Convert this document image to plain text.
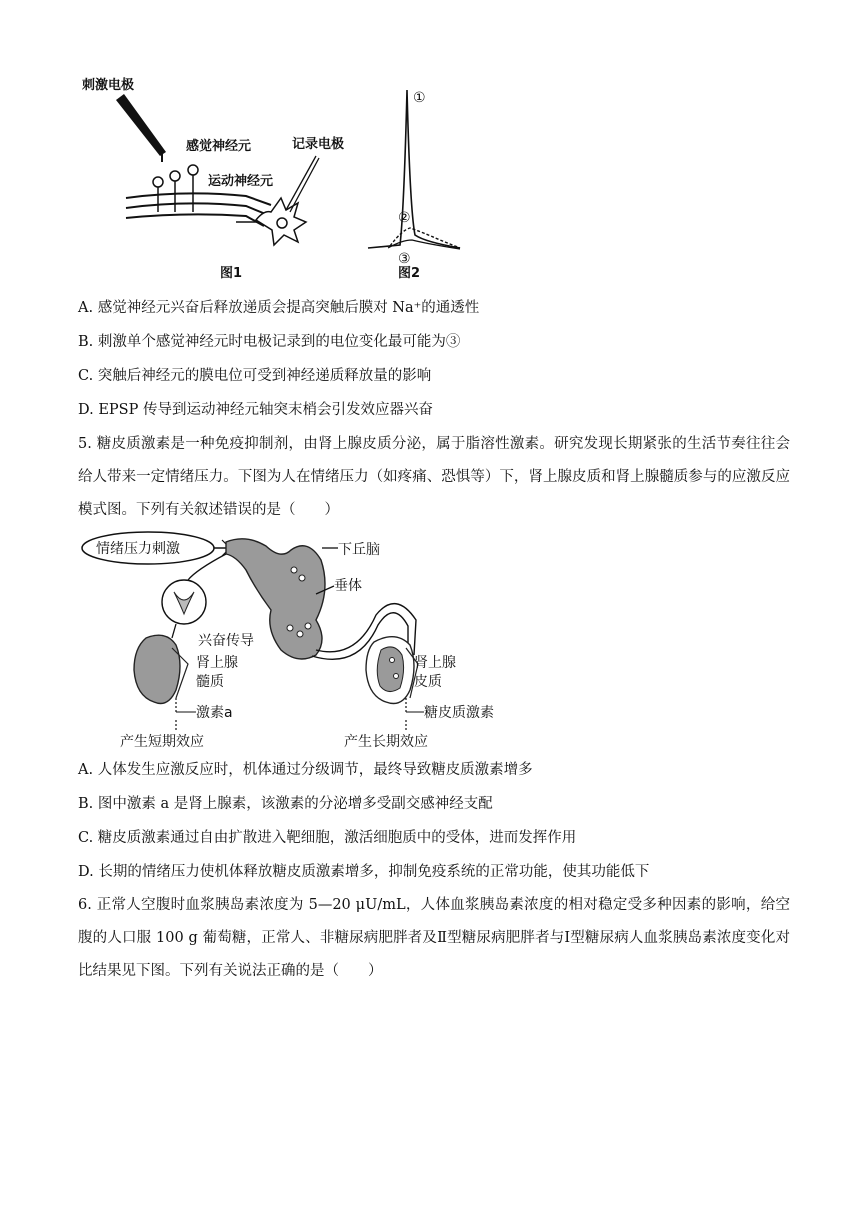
刺激电极
感觉神经元	记录电极
运动神经元
图1
①
②
③
图2
A. 感觉神经元兴奋后释放递质会提高突触后膜对 Na⁺的通透性
B. 刺激单个感觉神经元时电极记录到的电位变化最可能为③
C. 突触后神经元的膜电位可受到神经递质释放量的影响
D. EPSP 传导到运动神经元轴突末梢会引发效应器兴奋

5. 糖皮质激素是一种免疫抑制剂，由肾上腺皮质分泌，属于脂溶性激素。研究发现长期紧张的生活节奏往往会给人带来一定情绪压力。下图为人在情绪压力（如疼痛、恐惧等）下，肾上腺皮质和肾上腺髓质参与的应激反应模式图。下列有关叙述错误的是（　　）

情绪压力刺激	下丘脑
垂体
兴奋传导
肾上腺
髓质
激素a
产生短期效应
肾上腺
皮质
糖皮质激素
产生长期效应
A. 人体发生应激反应时，机体通过分级调节，最终导致糖皮质激素增多
B. 图中激素 a 是肾上腺素，该激素的分泌增多受副交感神经支配
C. 糖皮质激素通过自由扩散进入靶细胞，激活细胞质中的受体，进而发挥作用
D. 长期的情绪压力使机体释放糖皮质激素增多，抑制免疫系统的正常功能，使其功能低下

6. 正常人空腹时血浆胰岛素浓度为 5—20 μU/mL，人体血浆胰岛素浓度的相对稳定受多种因素的影响，给空腹的人口服 100 g 葡萄糖，正常人、非糖尿病肥胖者及Ⅱ型糖尿病肥胖者与Ⅰ型糖尿病人血浆胰岛素浓度变化对比结果见下图。下列有关说法正确的是（　　）
